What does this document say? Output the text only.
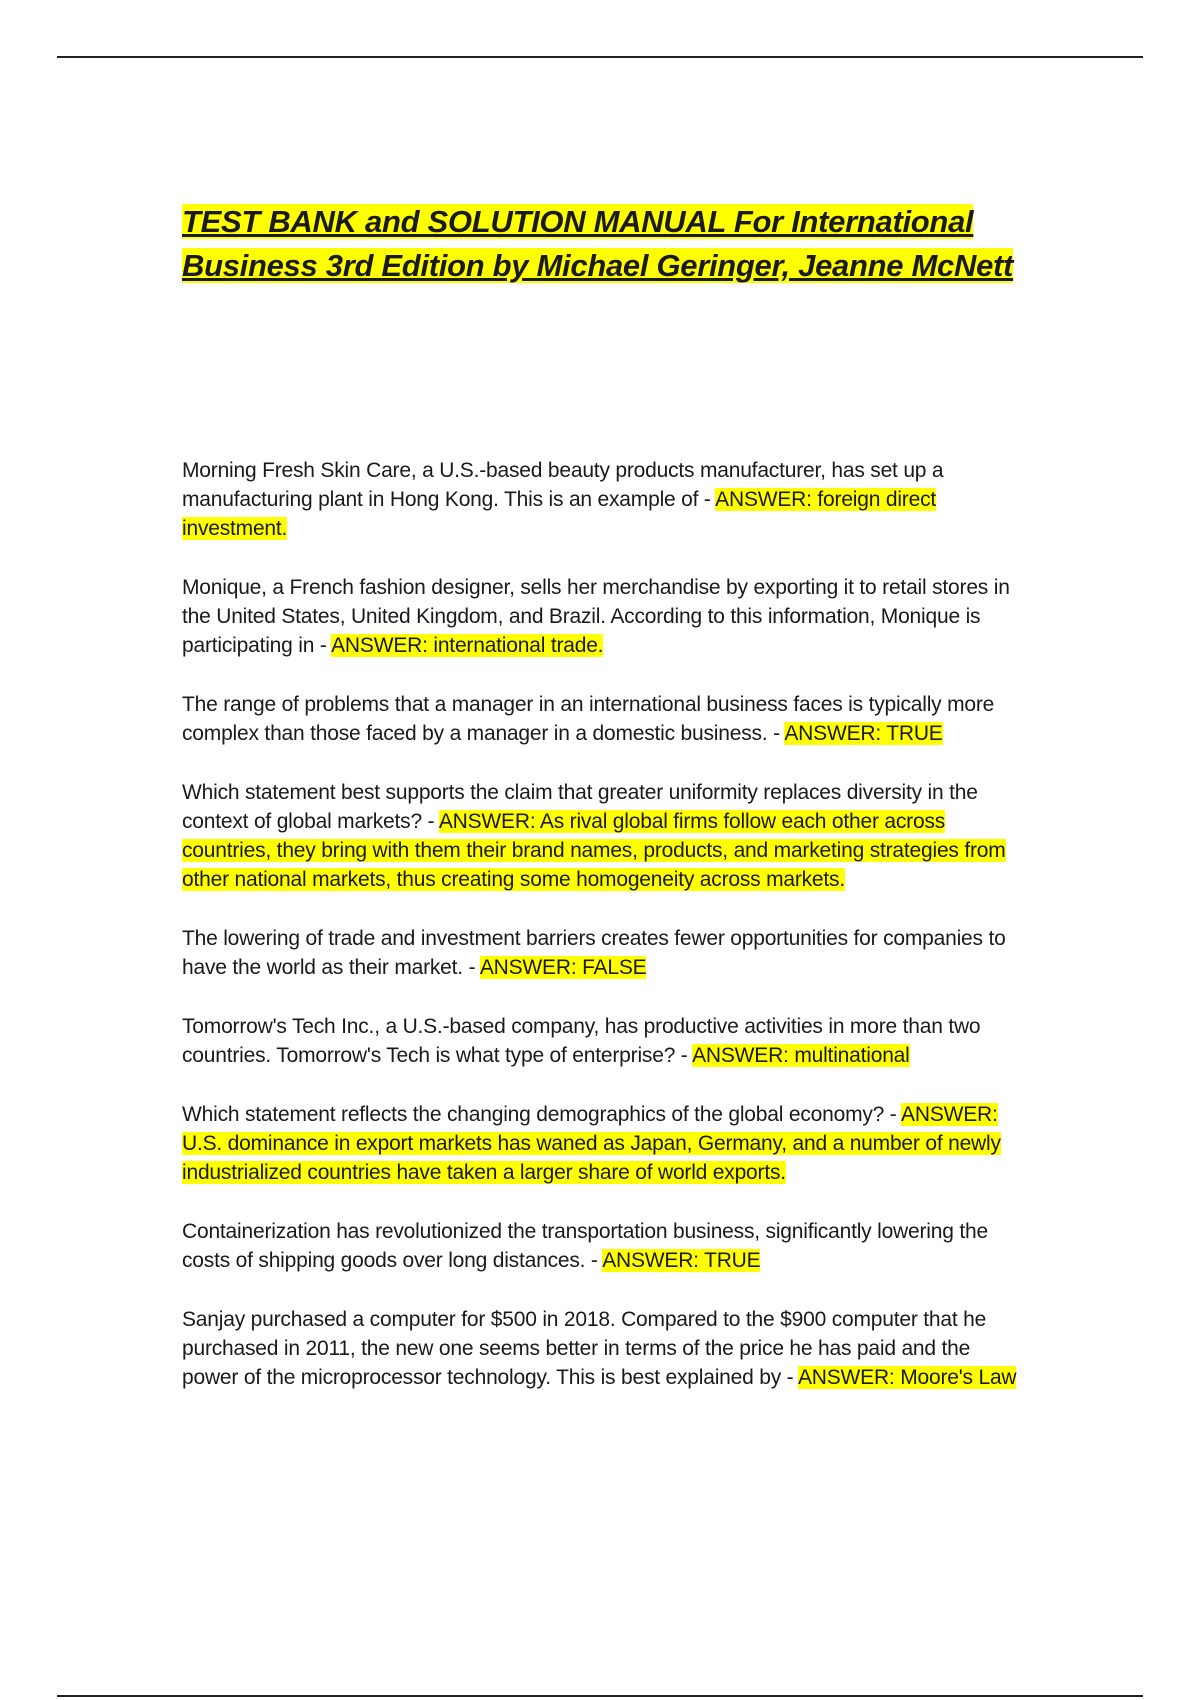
TEST BANK and SOLUTION MANUAL For International Business 3rd Edition by Michael Geringer, Jeanne McNett

Morning Fresh Skin Care, a U.S.-based beauty products manufacturer, has set up a manufacturing plant in Hong Kong. This is an example of - ANSWER: foreign direct investment.

Monique, a French fashion designer, sells her merchandise by exporting it to retail stores in the United States, United Kingdom, and Brazil. According to this information, Monique is participating in - ANSWER: international trade.

The range of problems that a manager in an international business faces is typically more complex than those faced by a manager in a domestic business. - ANSWER: TRUE

Which statement best supports the claim that greater uniformity replaces diversity in the context of global markets? - ANSWER: As rival global firms follow each other across countries, they bring with them their brand names, products, and marketing strategies from other national markets, thus creating some homogeneity across markets.

The lowering of trade and investment barriers creates fewer opportunities for companies to have the world as their market. - ANSWER: FALSE

Tomorrow's Tech Inc., a U.S.-based company, has productive activities in more than two countries. Tomorrow's Tech is what type of enterprise? - ANSWER: multinational

Which statement reflects the changing demographics of the global economy? - ANSWER: U.S. dominance in export markets has waned as Japan, Germany, and a number of newly industrialized countries have taken a larger share of world exports.

Containerization has revolutionized the transportation business, significantly lowering the costs of shipping goods over long distances. - ANSWER: TRUE

Sanjay purchased a computer for $500 in 2018. Compared to the $900 computer that he purchased in 2011, the new one seems better in terms of the price he has paid and the power of the microprocessor technology. This is best explained by - ANSWER: Moore's Law
